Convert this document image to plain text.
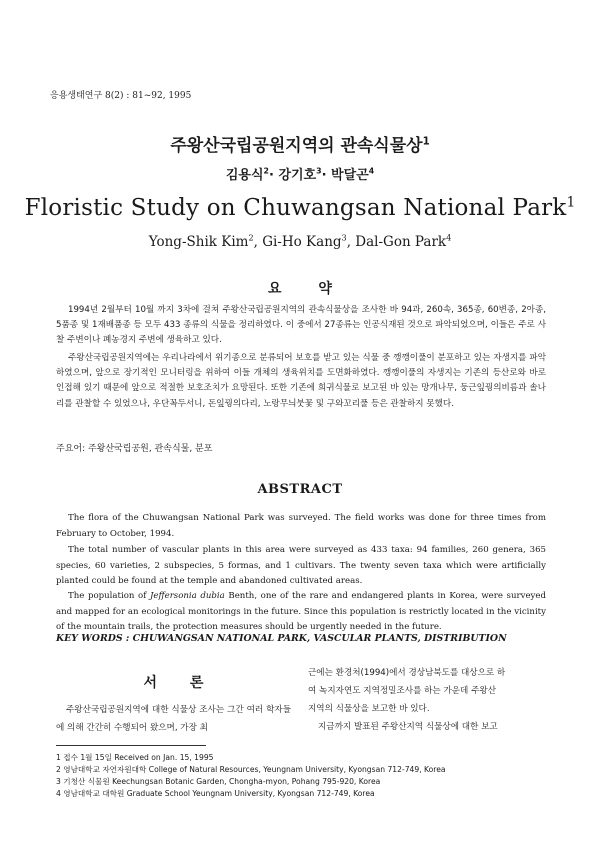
응용생태연구 8(2) : 81~92, 1995
주왕산국립공원지역의 관속식물상$^1$
김용식$^2$· 강기호$^3$· 박달곤$^4$
Floristic Study on Chuwangsan National Park$^1$
Yong-Shik Kim$^2$, Gi-Ho Kang$^3$, Dal-Gon Park$^4$
요 약

1994년 2월부터 10월 까지 3차에 걸쳐 주왕산국립공원지역의 관속식물상을 조사한 바 94과, 260속, 365종, 60변종, 2아종, 5품종 및 1재배품종 등 모두 433 종류의 식물을 정리하였다. 이 중에서 27종류는 인공식재된 것으로 파악되었으며, 이들은 주로 사찰 주변이나 폐농경지 주변에 생육하고 있다.

주왕산국립공원지역에는 우리나라에서 위기종으로 분류되어 보호를 받고 있는 식물 중 깽깽이풀이 분포하고 있는 자생지를 파악하였으며, 앞으로 장기적인 모니터링을 위하여 이들 개체의 생육위치를 도면화하였다. 깽깽이풀의 자생지는 기존의 등산로와 바로 인접해 있기 때문에 앞으로 적절한 보호조치가 요망된다. 또한 기존에 희귀식물로 보고된 바 있는 망개나무, 둥근잎꿩의비름과 솔나리를 관찰할 수 있었으나, 우단꼭두서니, 돈잎꿩의다리, 노랑무늬붓꽃 및 구와꼬리풀 등은 관찰하지 못했다.

주요어: 주왕산국립공원, 관속식물, 분포
ABSTRACT

The flora of the Chuwangsan National Park was surveyed. The field works was done for three times from February to October, 1994.

The total number of vascular plants in this area were surveyed as 433 taxa: 94 families, 260 genera, 365 species, 60 varieties, 2 subspecies, 5 formas, and 1 cultivars. The twenty seven taxa which were artificially planted could be found at the temple and abandoned cultivated areas.

The population of Jeffersonia dubia Benth, one of the rare and endangered plants in Korea, were surveyed and mapped for an ecological monitorings in the future. Since this population is restrictly located in the vicinity of the mountain trails, the protection measures should be urgently needed in the future.

KEY WORDS : CHUWANGSAN NATIONAL PARK, VASCULAR PLANTS, DISTRIBUTION
서 론

주왕산국립공원지역에 대한 식물상 조사는 그간 여러 학자들에 의해 간간히 수행되어 왔으며, 가장 최

근에는 환경처(1994)에서 경상남북도를 대상으로 하
여 녹지자연도 지역정밀조사를 하는 가운데 주왕산
지역의 식물상을 보고한 바 있다.
지금까지 발표된 주왕산지역 식물상에 대한 보고
1 접수 1월 15일 Received on Jan. 15, 1995
2 영남대학교 자연자원대학 College of Natural Resources, Yeungnam University, Kyongsan 712-749, Korea
3 기청산 식물원 Keechungsan Botanic Garden, Chongha-myon, Pohang 795-920, Korea
4 영남대학교 대학원 Graduate School Yeungnam University, Kyongsan 712-749, Korea
